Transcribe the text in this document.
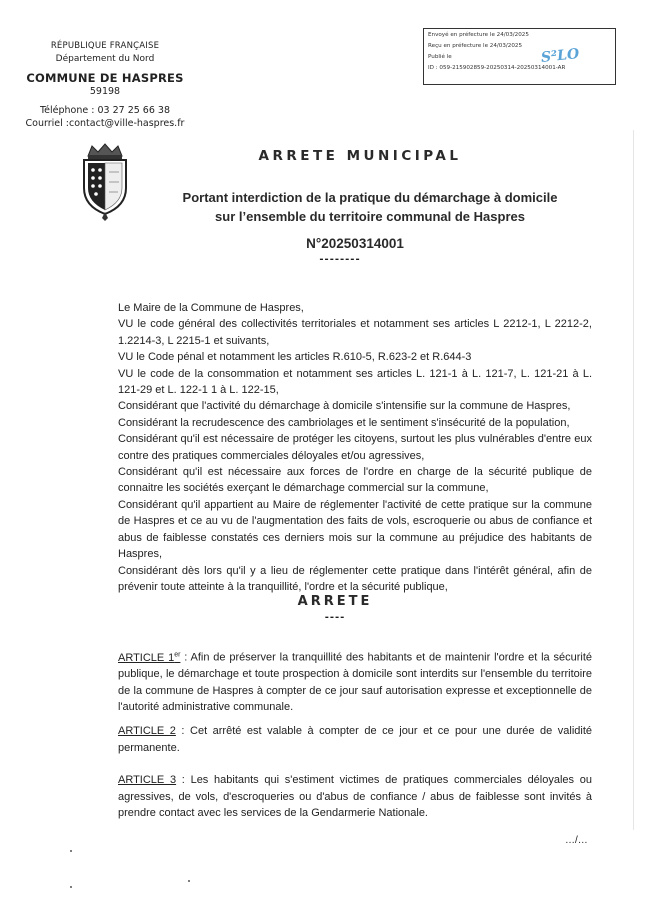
RÉPUBLIQUE FRANÇAISE
Département du Nord
COMMUNE DE HASPRES
59198
Téléphone : 03 27 25 66 38
Courriel :contact@ville-haspres.fr
Envoyé en préfecture le 24/03/2025
Reçu en préfecture le 24/03/2025
Publié le
ID : 059-215902859-20250314-20250314001-AR
S²LO
ARRETE MUNICIPAL
Portant interdiction de la pratique du démarchage à domicile
sur l’ensemble du territoire communal de Haspres
N°20250314001
--------

Le Maire de la Commune de Haspres,

VU le code général des collectivités territoriales et notamment ses articles L 2212-1, L 2212-2, 1.2214-3, L 2215-1 et suivants,

VU le Code pénal et notamment les articles R.610-5, R.623-2 et R.644-3

VU le code de la consommation et notamment ses articles L. 121-1 à L. 121-7, L. 121-21 à L. 121-29 et L. 122-1 1 à L. 122-15,

Considérant que l'activité du démarchage à domicile s'intensifie sur la commune de Haspres,

Considérant la recrudescence des cambriolages et le sentiment s'insécurité de la population,

Considérant qu'il est nécessaire de protéger les citoyens, surtout les plus vulnérables d'entre eux contre des pratiques commerciales déloyales et/ou agressives,

Considérant qu'il est nécessaire aux forces de l'ordre en charge de la sécurité publique de connaitre les sociétés exerçant le démarchage commercial sur la commune,

Considérant qu'il appartient au Maire de réglementer l'activité de cette pratique sur la commune de Haspres et ce au vu de l'augmentation des faits de vols, escroquerie ou abus de confiance et abus de faiblesse constatés ces derniers mois sur la commune au préjudice des habitants de Haspres,

Considérant dès lors qu'il y a lieu de réglementer cette pratique dans l'intérêt général, afin de prévenir toute atteinte à la tranquillité, l'ordre et la sécurité publique,

ARRETE
----
ARTICLE 1er : Afin de préserver la tranquillité des habitants et de maintenir l'ordre et la sécurité publique, le démarchage et toute prospection à domicile sont interdits sur l'ensemble du territoire de la commune de Haspres à compter de ce jour sauf autorisation expresse et exceptionnelle de l'autorité administrative communale.
ARTICLE 2 : Cet arrêté est valable à compter de ce jour et ce pour une durée de validité permanente.
ARTICLE 3 : Les habitants qui s'estiment victimes de pratiques commerciales déloyales ou agressives, de vols, d'escroqueries ou d'abus de confiance / abus de faiblesse sont invités à prendre contact avec les services de la Gendarmerie Nationale.
…/…
